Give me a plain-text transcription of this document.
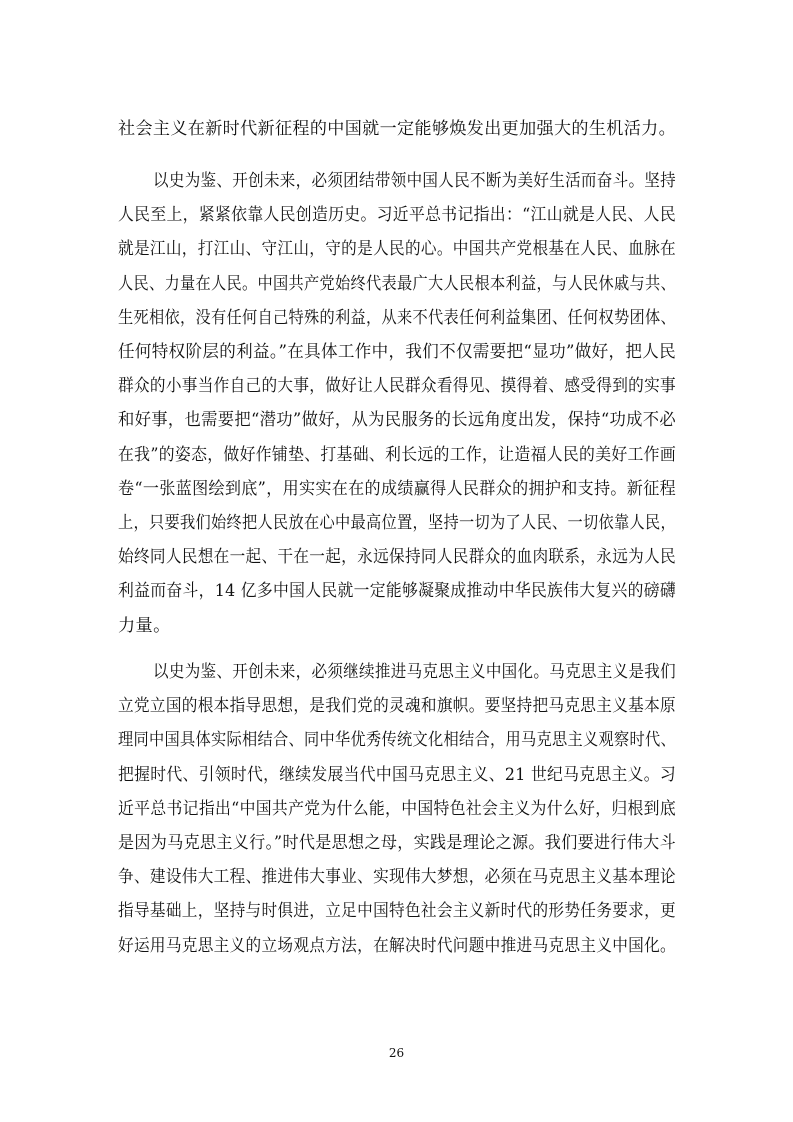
社会主义在新时代新征程的中国就一定能够焕发出更加强大的生机活力。
以史为鉴、开创未来，必须团结带领中国人民不断为美好生活而奋斗。坚持
人民至上，紧紧依靠人民创造历史。习近平总书记指出：“江山就是人民、人民
就是江山，打江山、守江山，守的是人民的心。中国共产党根基在人民、血脉在
人民、力量在人民。中国共产党始终代表最广大人民根本利益，与人民休戚与共、
生死相依，没有任何自己特殊的利益，从来不代表任何利益集团、任何权势团体、
任何特权阶层的利益。”在具体工作中，我们不仅需要把“显功”做好，把人民
群众的小事当作自己的大事，做好让人民群众看得见、摸得着、感受得到的实事
和好事，也需要把“潜功”做好，从为民服务的长远角度出发，保持“功成不必
在我”的姿态，做好作铺垫、打基础、利长远的工作，让造福人民的美好工作画
卷“一张蓝图绘到底”，用实实在在的成绩赢得人民群众的拥护和支持。新征程
上，只要我们始终把人民放在心中最高位置，坚持一切为了人民、一切依靠人民，
始终同人民想在一起、干在一起，永远保持同人民群众的血肉联系，永远为人民
利益而奋斗，14 亿多中国人民就一定能够凝聚成推动中华民族伟大复兴的磅礴
力量。
以史为鉴、开创未来，必须继续推进马克思主义中国化。马克思主义是我们
立党立国的根本指导思想，是我们党的灵魂和旗帜。要坚持把马克思主义基本原
理同中国具体实际相结合、同中华优秀传统文化相结合，用马克思主义观察时代、
把握时代、引领时代，继续发展当代中国马克思主义、21 世纪马克思主义。习
近平总书记指出“中国共产党为什么能，中国特色社会主义为什么好，归根到底
是因为马克思主义行。”时代是思想之母，实践是理论之源。我们要进行伟大斗
争、建设伟大工程、推进伟大事业、实现伟大梦想，必须在马克思主义基本理论
指导基础上，坚持与时俱进，立足中国特色社会主义新时代的形势任务要求，更
好运用马克思主义的立场观点方法，在解决时代问题中推进马克思主义中国化。
26
